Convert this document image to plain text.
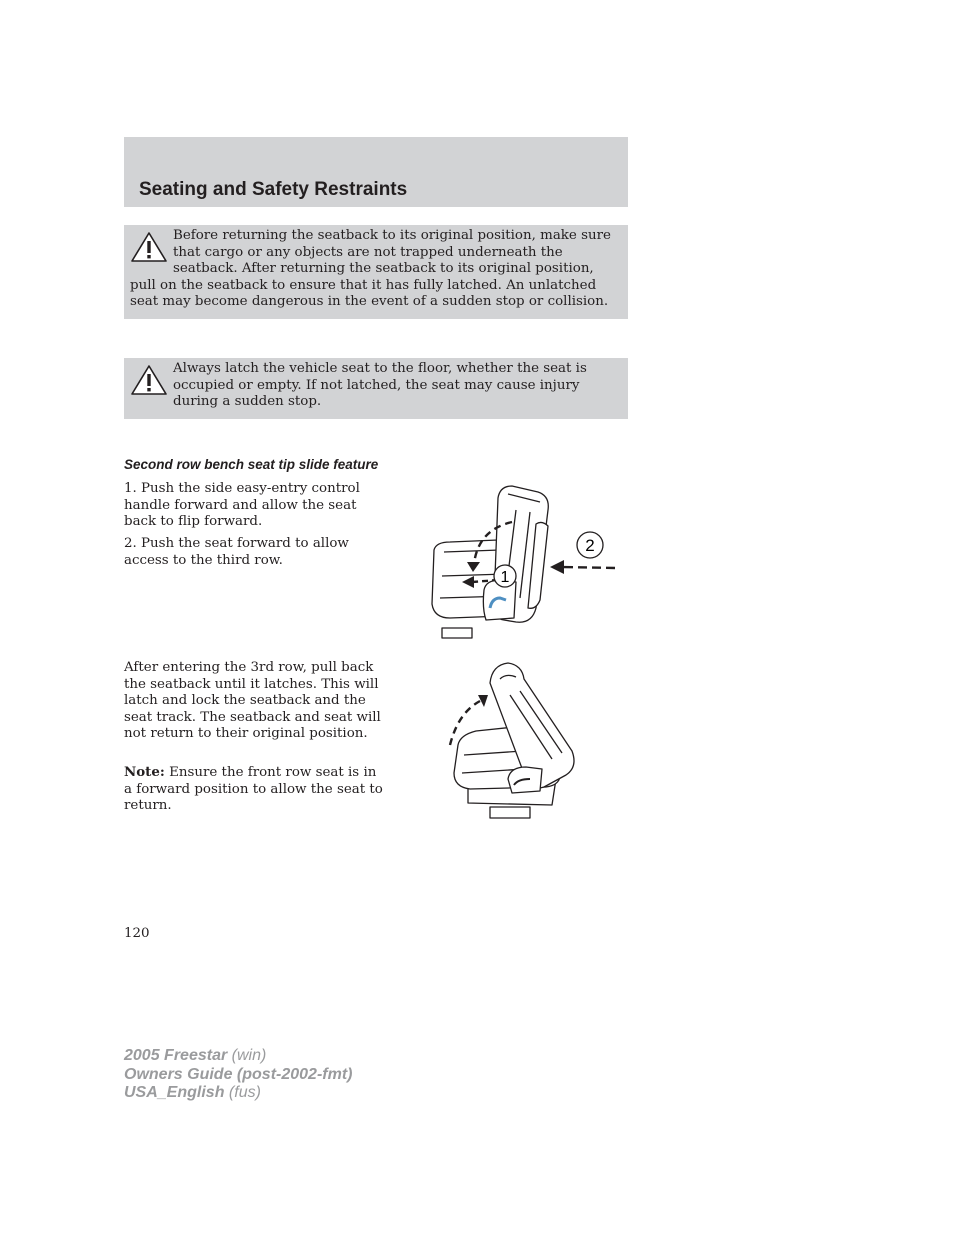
Seating and Safety Restraints

Before returning the seatback to its original position, make sure that cargo or any objects are not trapped underneath the seatback. After returning the seatback to its original position, pull on the seatback to ensure that it has fully latched. An unlatched seat may become dangerous in the event of a sudden stop or collision.

Always latch the vehicle seat to the floor, whether the seat is occupied or empty. If not latched, the seat may cause injury during a sudden stop.

Second row bench seat tip slide feature

1. Push the side easy-entry control handle forward and allow the seat back to flip forward.

2. Push the seat forward to allow access to the third row.

1
2

After entering the 3rd row, pull back the seatback until it latches. This will latch and lock the seatback and the seat track. The seatback and seat will not return to their original position.

Note: Ensure the front row seat is in a forward position to allow the seat to return.

120

2005 Freestar (win)
Owners Guide (post-2002-fmt)
USA_English (fus)
